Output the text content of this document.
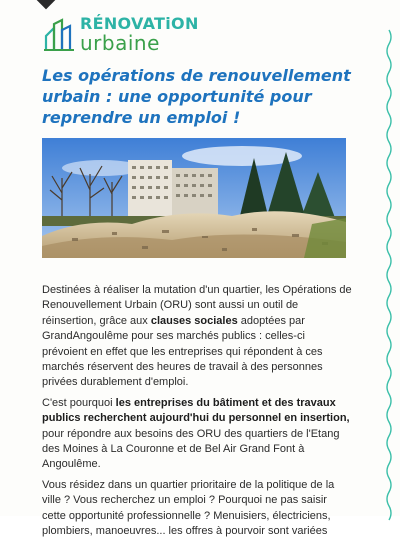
RÉNOVATiON
urbaine
Les opérations de renouvellement urbain : une opportunité pour reprendre un emploi !

Destinées à réaliser la mutation d'un quartier, les Opérations de Renouvellement Urbain (ORU) sont aussi un outil de réinsertion, grâce aux clauses sociales adoptées par GrandAngoulême pour ses marchés publics : celles-ci prévoient en effet que les entreprises qui répondent à ces marchés réservent des heures de travail à des personnes privées durablement d'emploi.

C'est pourquoi les entreprises du bâtiment et des travaux publics recherchent aujourd'hui du personnel en insertion, pour répondre aux besoins des ORU des quartiers de l'Etang des Moines à La Couronne et de Bel Air Grand Font à Angoulême.

Vous résidez dans un quartier prioritaire de la politique de la ville ? Vous recherchez un emploi ? Pourquoi ne pas saisir cette opportunité professionnelle ? Menuisiers, électriciens, plombiers, manoeuvres... les offres à pourvoir sont variées
